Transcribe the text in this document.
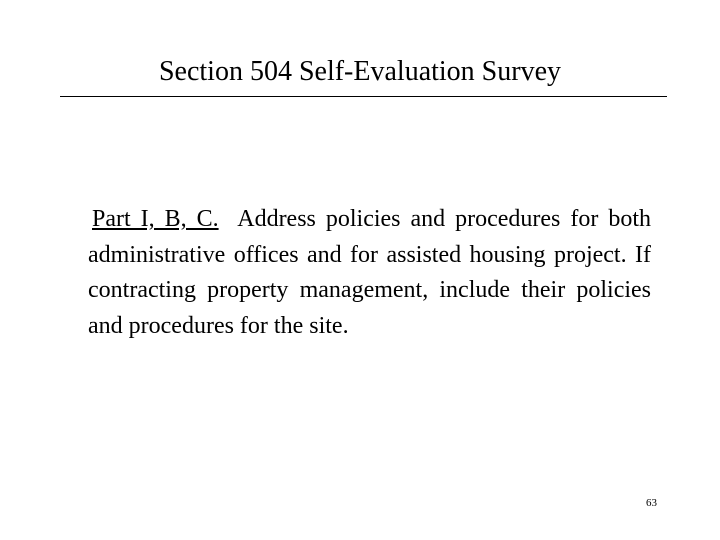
Section 504 Self-Evaluation Survey

Part I, B, C. Address policies and procedures for both administrative offices and for assisted housing project. If contracting property management, include their policies and procedures for the site.

63
